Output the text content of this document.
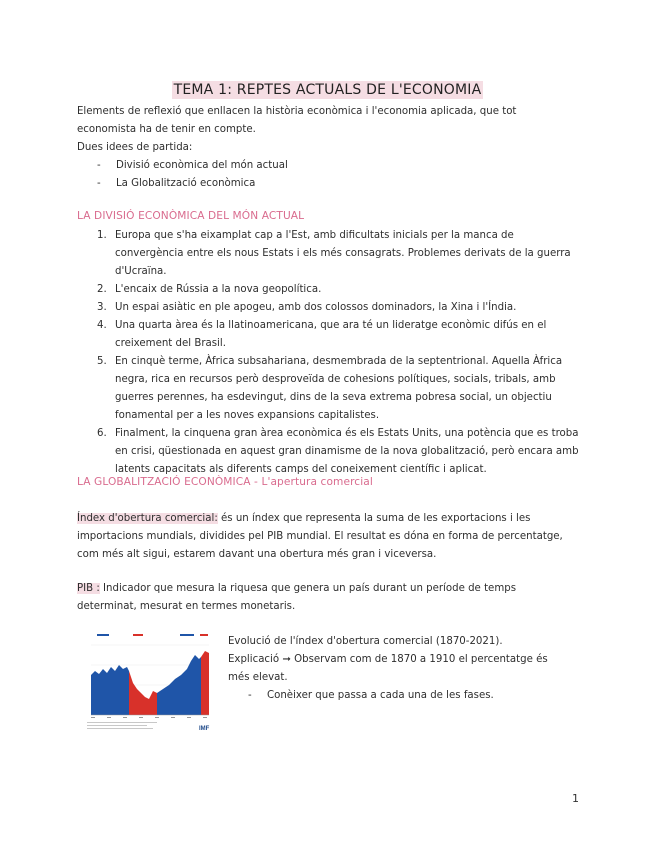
TEMA 1: REPTES ACTUALS DE L'ECONOMIA
Elements de reflexió que enllacen la història econòmica i l'economia aplicada, que tot economista ha de tenir en compte.
Dues idees de partida:
- Divisió econòmica del món actual
- La Globalització econòmica
LA DIVISIÓ ECONÒMICA DEL MÓN ACTUAL
1. Europa que s'ha eixamplat cap a l'Est, amb dificultats inicials per la manca de convergència entre els nous Estats i els més consagrats. Problemes derivats de la guerra d'Ucraïna.
2. L'encaix de Rússia a la nova geopolítica.
3. Un espai asiàtic en ple apogeu, amb dos colossos dominadors, la Xina i l'Índia.
4. Una quarta àrea és la llatinoamericana, que ara té un lideratge econòmic difús en el creixement del Brasil.
5. En cinquè terme, Àfrica subsahariana, desmembrada de la septentrional. Aquella Àfrica negra, rica en recursos però desproveïda de cohesions polítiques, socials, tribals, amb guerres perennes, ha esdevingut, dins de la seva extrema pobresa social, un objectiu fonamental per a les noves expansions capitalistes.
6. Finalment, la cinquena gran àrea econòmica és els Estats Units, una potència que es troba en crisi, qüestionada en aquest gran dinamisme de la nova globalització, però encara amb latents capacitats als diferents camps del coneixement científic i aplicat.
LA GLOBALITZACIÓ ECONÒMICA - L'apertura comercial
Índex d'obertura comercial: és un índex que representa la suma de les exportacions i les importacions mundials, dividides pel PIB mundial. El resultat es dóna en forma de percentatge, com més alt sigui, estarem davant una obertura més gran i viceversa.
PIB : Indicador que mesura la riquesa que genera un país durant un període de temps determinat, mesurat en termes monetaris.
IMF
Evolució de l'índex d'obertura comercial (1870-2021).
Explicació ➞ Observam com de 1870 a 1910 el percentatge és més elevat.
- Conèixer que passa a cada una de les fases.
1
